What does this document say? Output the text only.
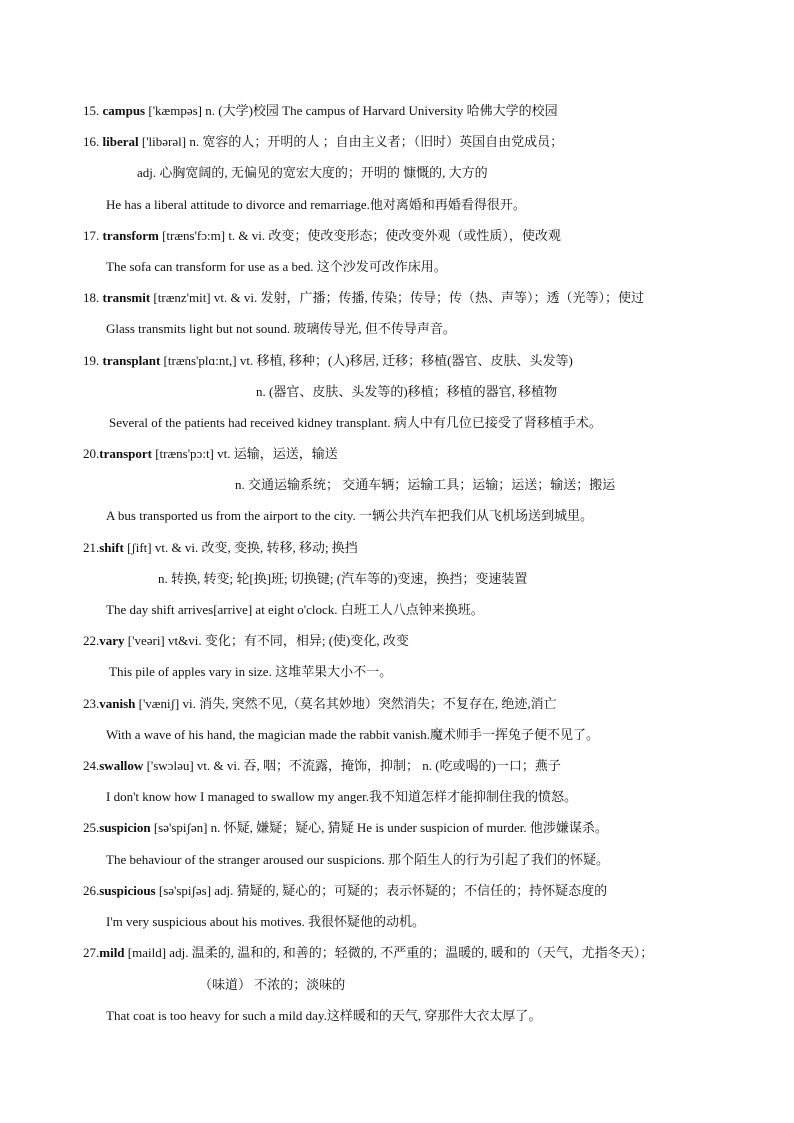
15. campus ['kæmpəs] n. (大学)校园 The campus of Harvard University 哈佛大学的校园
16. liberal ['libərəl] n. 宽容的人；开明的人 ；自由主义者；（旧时）英国自由党成员；
adj. 心胸宽阔的, 无偏见的宽宏大度的；开明的 慷慨的, 大方的
He has a liberal attitude to divorce and remarriage.他对离婚和再婚看得很开。
17. transform [træns'fɔ:m] t. & vi. 改变；使改变形态；使改变外观（或性质），使改观
The sofa can transform for use as a bed. 这个沙发可改作床用。
18. transmit [trænz'mit] vt. & vi. 发射，广播；传播, 传染；传导；传（热、声等）；透（光等）；使过
Glass transmits light but not sound. 玻璃传导光, 但不传导声音。
19. transplant [træns'plɑ:nt,] vt. 移植, 移种；(人)移居, 迁移；移植(器官、皮肤、头发等)
n. (器官、皮肤、头发等的)移植；移植的器官, 移植物
Several of the patients had received kidney transplant. 病人中有几位已接受了肾移植手术。
20.transport [træns'pɔ:t] vt. 运输，运送，输送
n. 交通运输系统； 交通车辆；运输工具；运输；运送；输送；搬运
A bus transported us from the airport to the city. 一辆公共汽车把我们从飞机场送到城里。
21.shift [ʃift] vt. & vi. 改变, 变换, 转移, 移动; 换挡
n. 转换, 转变; 轮[换]班; 切换键; (汽车等的)变速，换挡；变速装置
The day shift arrives[arrive] at eight o'clock. 白班工人八点钟来换班。
22.vary ['veəri] vt&vi. 变化；有不同，相异; (使)变化, 改变
This pile of apples vary in size. 这堆苹果大小不一。
23.vanish ['væniʃ] vi. 消失, 突然不见,（莫名其妙地）突然消失；不复存在, 绝迹,消亡
With a wave of his hand, the magician made the rabbit vanish.魔术师手一挥兔子便不见了。
24.swallow ['swɔləu] vt. & vi. 吞, 咽；不流露，掩饰，抑制； n. (吃或喝的)一口；燕子
I don't know how I managed to swallow my anger.我不知道怎样才能抑制住我的愤怒。
25.suspicion [sə'spiʃən] n. 怀疑, 嫌疑；疑心, 猜疑 He is under suspicion of murder. 他涉嫌谋杀。
The behaviour of the stranger aroused our suspicions. 那个陌生人的行为引起了我们的怀疑。
26.suspicious [sə'spiʃəs] adj. 猜疑的, 疑心的；可疑的；表示怀疑的；不信任的；持怀疑态度的
I'm very suspicious about his motives. 我很怀疑他的动机。
27.mild [maild] adj. 温柔的, 温和的, 和善的；轻微的, 不严重的；温暖的, 暖和的（天气，尤指冬天）；
（味道） 不浓的；淡味的
That coat is too heavy for such a mild day.这样暖和的天气, 穿那件大衣太厚了。
